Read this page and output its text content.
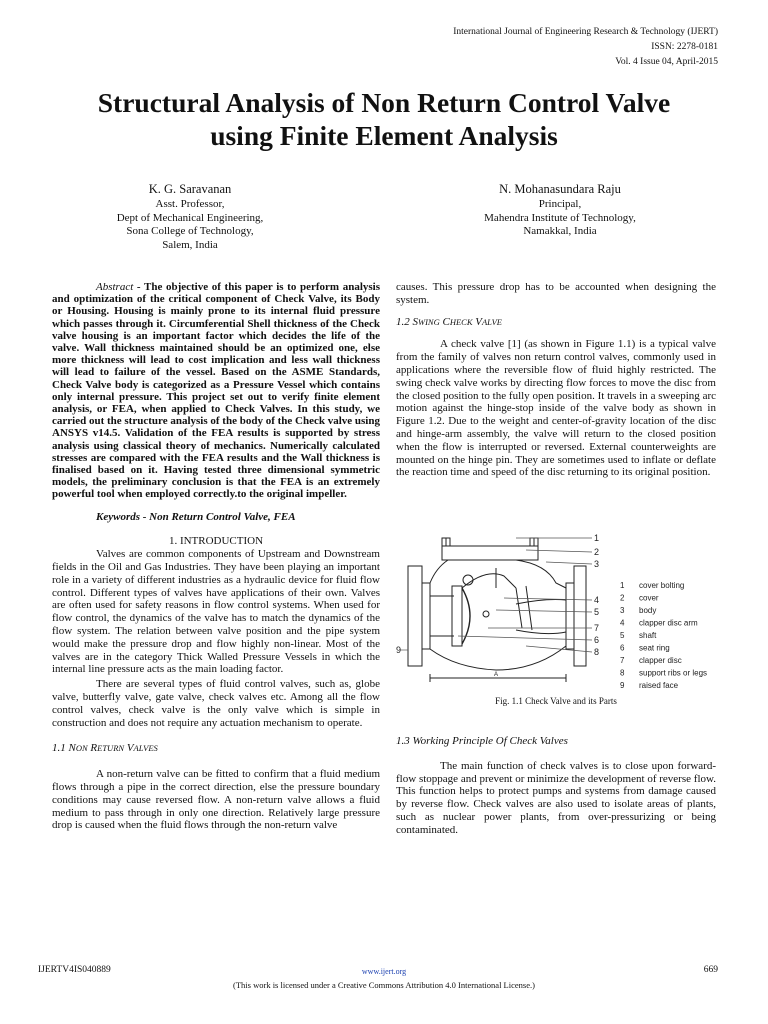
International Journal of Engineering Research & Technology (IJERT)
ISSN: 2278-0181
Vol. 4 Issue 04, April-2015
Structural Analysis of Non Return Control Valve
using Finite Element Analysis
K. G. Saravanan
Asst. Professor,
Dept of Mechanical Engineering,
Sona College of Technology,
Salem, India
N. Mohanasundara Raju
Principal,
Mahendra Institute of Technology,
Namakkal, India

Abstract - The objective of this paper is to perform analysis and optimization of the critical component of Check Valve, its Body or Housing. Housing is mainly prone to its internal fluid pressure which passes through it. Circumferential Shell thickness of the Check valve housing is an important factor which decides the life of the valve. Wall thickness maintained should be an optimized one, else more thickness will lead to cost implication and less wall thickness will lead to failure of the vessel. Based on the ASME Standards, Check Valve body is categorized as a Pressure Vessel which contains only internal pressure. This project set out to verify finite element analysis, or FEA, when applied to Check Valves. In this study, we carried out the structure analysis of the body of the Check valve using ANSYS v14.5. Validation of the FEA results is supported by stress analysis using classical theory of mechanics. Numerically calculated stresses are compared with the FEA results and the Wall thickness is finalised based on it. Having tested three dimensional symmetric models, the preliminary conclusion is that the FEA is an extremely powerful tool when employed correctly.to the original impeller.

Keywords - Non Return Control Valve, FEA

1. INTRODUCTION

Valves are common components of Upstream and Downstream fields in the Oil and Gas Industries. They have been playing an important role in a variety of different industries as a hydraulic device for fluid flow control. Different types of valves have applications of their own. Valves are often used for safety reasons in flow control systems. When used for flow control, the dynamics of the valve has to match the dynamics of the flow system. The relation between valve position and the pipe system would make the pressure drop and flow highly non-linear. Most of the valves are in the category Thick Walled Pressure Vessels in which the internal line pressure acts as the main loading factor.

There are several types of fluid control valves, such as, globe valve, butterfly valve, gate valve, check valves etc. Among all the flow control valves, check valve is the only valve which is simple in construction and does not require any actuation mechanism to operate.

1.1 NON RETURN VALVES

A non-return valve can be fitted to confirm that a fluid medium flows through a pipe in the correct direction, else the pressure boundary conditions may cause reversed flow. A non-return valve allows a fluid medium to pass through in only one direction. Relatively large pressure drop is caused when the fluid flows through the non-return valve

causes. This pressure drop has to be accounted when designing the system.

1.2 SWING CHECK VALVE

A check valve [1] (as shown in Figure 1.1) is a typical valve from the family of valves non return control valves, commonly used in applications where the reversible flow of fluid highly restricted. The swing check valve works by directing flow forces to move the disc from the closed position to the fully open position. It travels in a sweeping arc motion against the hinge-stop inside of the valve body as shown in Figure 1.2. Due to the weight and center-of-gravity location of the disc and hinge-arm assembly, the valve will return to the closed position when the flow is interrupted or reversed. External counterweights are mounted on the hinge pin. They are sometimes used to inflate or deflate the reaction time and speed of the disc returning to its original position.

1
2
3
4
5
7
6
8
9
A
1 cover bolting
2 cover
3 body
4 clapper disc arm
5 shaft
6 seat ring
7 clapper disc
8 support ribs or legs
9 raised face
Fig. 1.1 Check Valve and its Parts

1.3 Working Principle Of Check Valves

The main function of check valves is to close upon forward-flow stoppage and prevent or minimize the development of reverse flow. This function helps to protect pumps and systems from damage caused by reverse flow. Check valves are also used to isolate areas of plants, such as nuclear power plants, from over-pressurizing or being contaminated.

IJERTV4IS040889	www.ijert.org	669
(This work is licensed under a Creative Commons Attribution 4.0 International License.)
